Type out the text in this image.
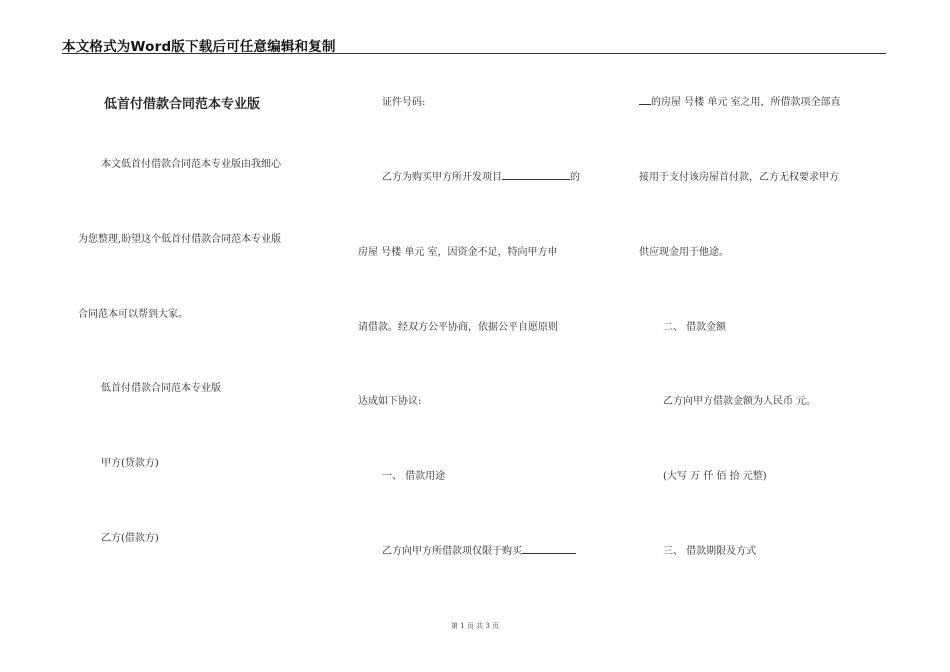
本文格式为Word版下载后可任意编辑和复制
低首付借款合同范本专业版
本文低首付借款合同范本专业版由我细心
为您整理,盼望这个低首付借款合同范本专业版
合同范本可以帮到大家。
低首付借款合同范本专业版
甲方(贷款方)
乙方(借款方)
证件号码:
乙方为购买甲方所开发项目	的
房屋 号楼 单元 室，因资金不足，特向甲方申
请借款。经双方公平协商，依据公平自愿原则
达成如下协议:
一、 借款用途
乙方向甲方所借款项仅限于购买
的房屋 号楼 单元 室之用，所借款项全部直
接用于支付该房屋首付款，乙方无权要求甲方
供应现金用于他途。
二、 借款金额
乙方向甲方借款金额为人民币 元。
(大写 万 仟 佰 拾 元整)
三、 借款期限及方式
第 1 页 共 3 页
